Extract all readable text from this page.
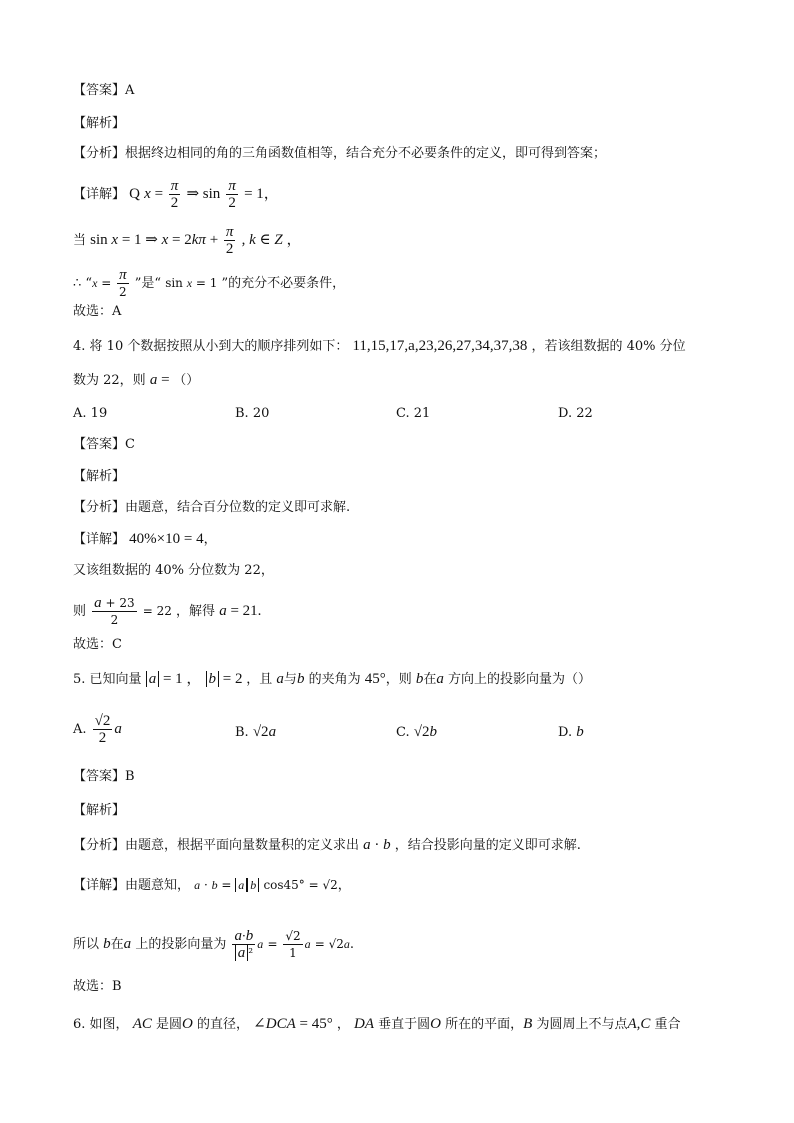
【答案】A
【解析】
【分析】根据终边相同的角的三角函数值相等，结合充分不必要条件的定义，即可得到答案；
【详解】 Q $x = \frac{\pi}{2}$ ⇒ $\sin \frac{\pi}{2} = 1$，
当 sin x = 1 ⇒ $x = 2k\pi + \frac{\pi}{2}$ , k ∈ Z ，
∴ “$x = \frac{\pi}{2}$ ”是“ sin x = 1 ”的充分不必要条件，
故选：A
4. 将 10 个数据按照从小到大的顺序排列如下： 11,15,17,a,23,26,27,34,37,38 ，若该组数据的 40% 分位
数为 22，则 a = （）
A. 19	B. 20	C. 21	D. 22
【答案】C
【解析】
【分析】由题意，结合百分位数的定义即可求解.
【详解】 40%×10 = 4，
又该组数据的 40% 分位数为 22，
则 $\frac{a + 23}{2} = 22$ ，解得 a = 21.
故选：C
5. 已知向量 a = 1 ， b = 2 ，且 a与b 的夹角为 45°，则 b在a 方向上的投影向量为（）
A. $\frac{√2}{2}$ a	B. √2a	C. √2b	D. b
【答案】B
【解析】
【分析】由题意，根据平面向量数量积的定义求出 a · b ，结合投影向量的定义即可求解.
【详解】由题意知， a · b = a b cos45° = √2，
所以 b在a 上的投影向量为 $\frac{a\cdot b}{\text{a ²}}$ $a = \frac{√2}{1}$ a = √2a.
故选：B
6. 如图， AC 是圆O 的直径， ∠DCA = 45° ， DA 垂直于圆O 所在的平面，B 为圆周上不与点A,C 重合
